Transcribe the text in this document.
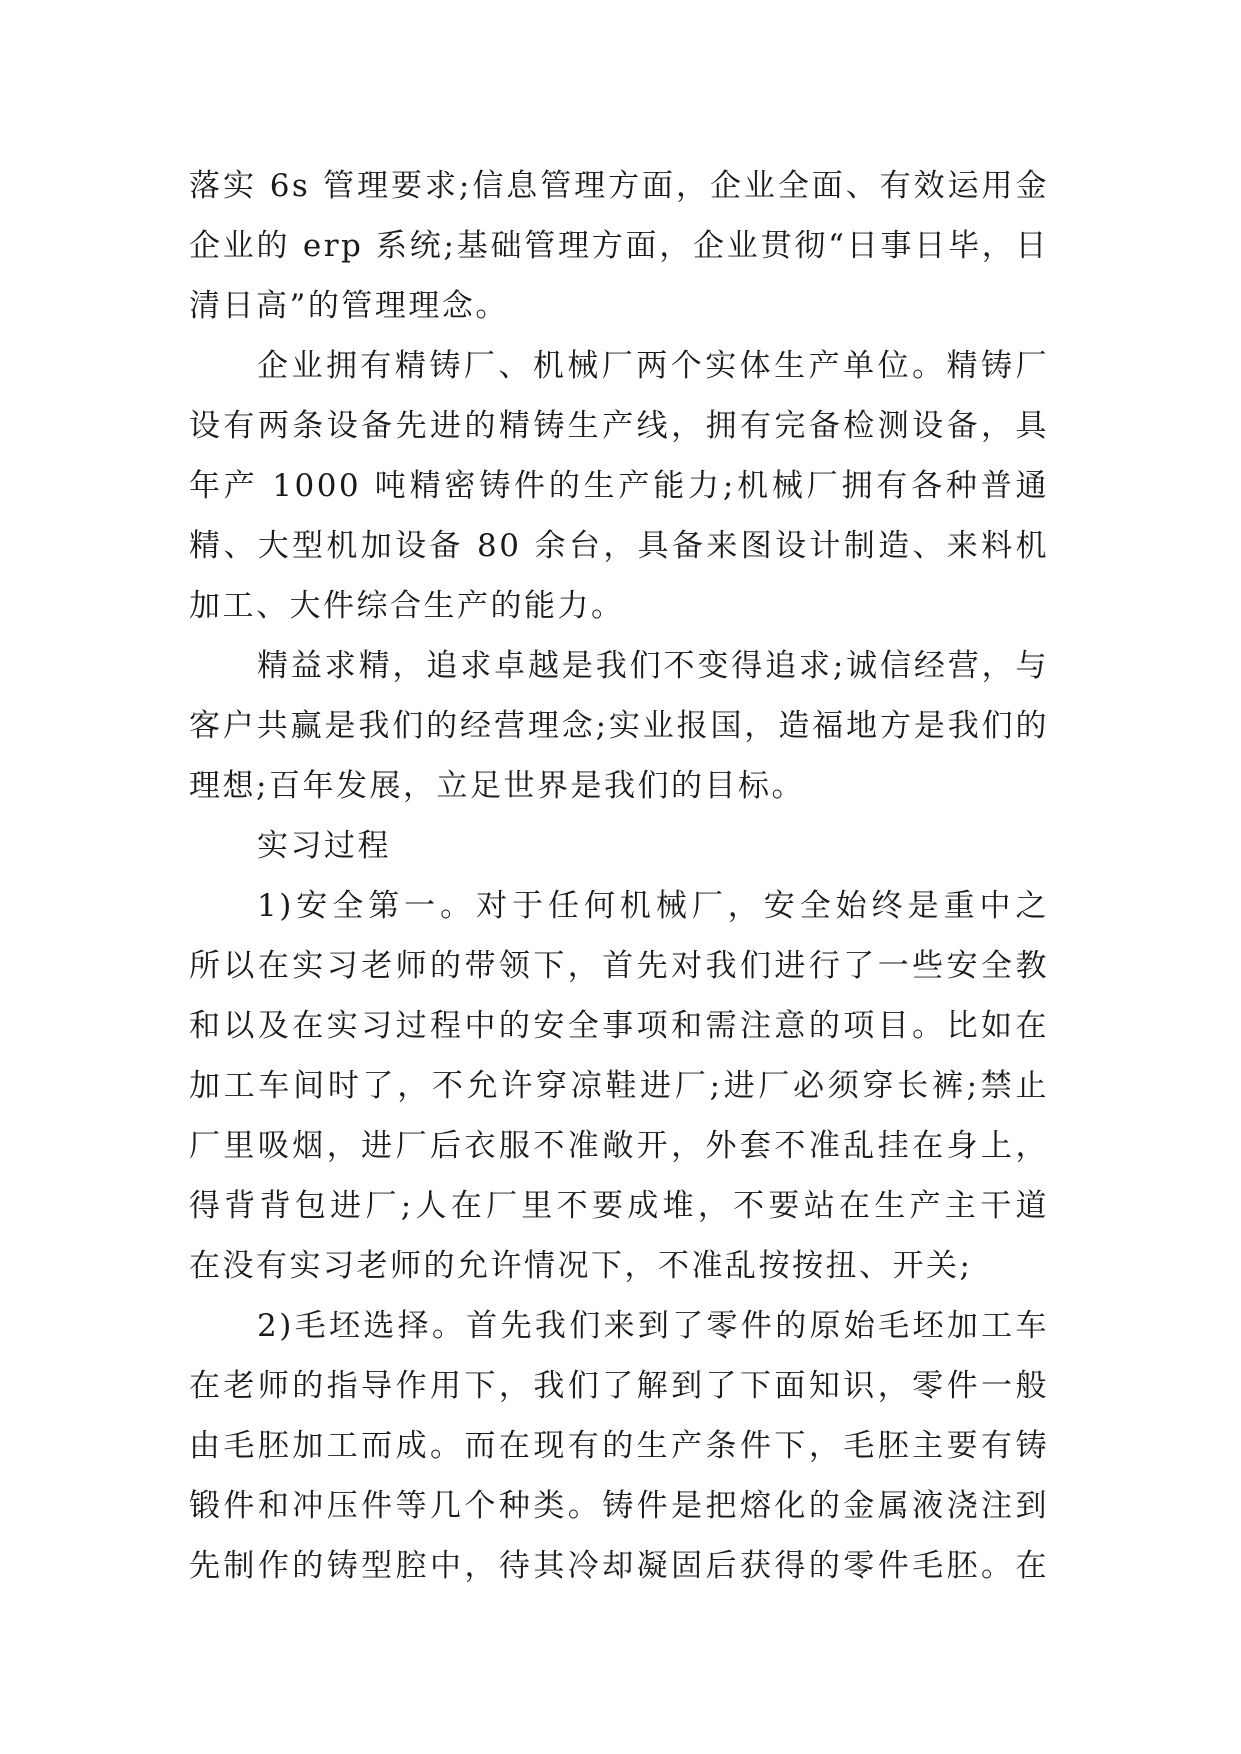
落实 6s 管理要求;信息管理方面，企业全面、有效运用金
企业的 erp 系统;基础管理方面，企业贯彻“日事日毕，日
清日高”的管理理念。
企业拥有精铸厂、机械厂两个实体生产单位。精铸厂
设有两条设备先进的精铸生产线，拥有完备检测设备，具
年产 1000 吨精密铸件的生产能力;机械厂拥有各种普通
精、大型机加设备 80 余台，具备来图设计制造、来料机
加工、大件综合生产的能力。
精益求精，追求卓越是我们不变得追求;诚信经营，与
客户共赢是我们的经营理念;实业报国，造福地方是我们的
理想;百年发展，立足世界是我们的目标。
实习过程
1)安全第一。对于任何机械厂，安全始终是重中之
所以在实习老师的带领下，首先对我们进行了一些安全教
和以及在实习过程中的安全事项和需注意的项目。比如在
加工车间时了，不允许穿凉鞋进厂;进厂必须穿长裤;禁止
厂里吸烟，进厂后衣服不准敞开，外套不准乱挂在身上，
得背背包进厂;人在厂里不要成堆，不要站在生产主干道
在没有实习老师的允许情况下，不准乱按按扭、开关;
2)毛坯选择。首先我们来到了零件的原始毛坯加工车
在老师的指导作用下，我们了解到了下面知识，零件一般
由毛胚加工而成。而在现有的生产条件下，毛胚主要有铸
锻件和冲压件等几个种类。铸件是把熔化的金属液浇注到
先制作的铸型腔中，待其冷却凝固后获得的零件毛胚。在
